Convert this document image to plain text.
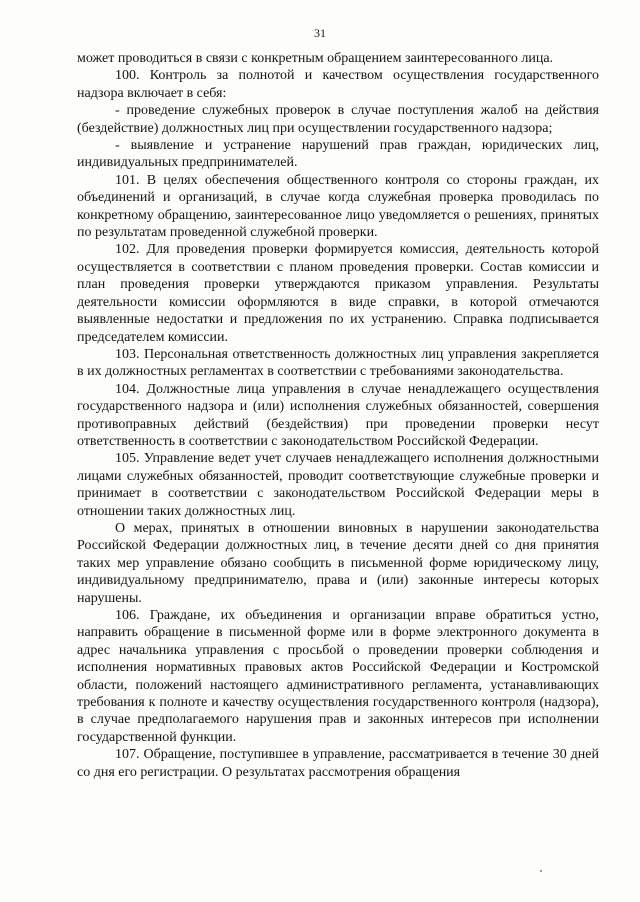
31

может проводиться в связи с конкретным обращением заинтересованного лица.

100. Контроль за полнотой и качеством осуществления государственного надзора включает в себя:

- проведение служебных проверок в случае поступления жалоб на действия (бездействие) должностных лиц при осуществлении государственного надзора;

- выявление и устранение нарушений прав граждан, юридических лиц, индивидуальных предпринимателей.

101. В целях обеспечения общественного контроля со стороны граждан, их объединений и организаций, в случае когда служебная проверка проводилась по конкретному обращению, заинтересованное лицо уведомляется о решениях, принятых по результатам проведенной служебной проверки.

102. Для проведения проверки формируется комиссия, деятельность которой осуществляется в соответствии с планом проведения проверки. Состав комиссии и план проведения проверки утверждаются приказом управления. Результаты деятельности комиссии оформляются в виде справки, в которой отмечаются выявленные недостатки и предложения по их устранению. Справка подписывается председателем комиссии.

103. Персональная ответственность должностных лиц управления закрепляется в их должностных регламентах в соответствии с требованиями законодательства.

104. Должностные лица управления в случае ненадлежащего осуществления государственного надзора и (или) исполнения служебных обязанностей, совершения противоправных действий (бездействия) при проведении проверки несут ответственность в соответствии с законодательством Российской Федерации.

105. Управление ведет учет случаев ненадлежащего исполнения должностными лицами служебных обязанностей, проводит соответствующие служебные проверки и принимает в соответствии с законодательством Российской Федерации меры в отношении таких должностных лиц.

О мерах, принятых в отношении виновных в нарушении законодательства Российской Федерации должностных лиц, в течение десяти дней со дня принятия таких мер управление обязано сообщить в письменной форме юридическому лицу, индивидуальному предпринимателю, права и (или) законные интересы которых нарушены.

106. Граждане, их объединения и организации вправе обратиться устно, направить обращение в письменной форме или в форме электронного документа в адрес начальника управления с просьбой о проведении проверки соблюдения и исполнения нормативных правовых актов Российской Федерации и Костромской области, положений настоящего административного регламента, устанавливающих требования к полноте и качеству осуществления государственного контроля (надзора), в случае предполагаемого нарушения прав и законных интересов при исполнении государственной функции.

107. Обращение, поступившее в управление, рассматривается в течение 30 дней со дня его регистрации. О результатах рассмотрения обращения
